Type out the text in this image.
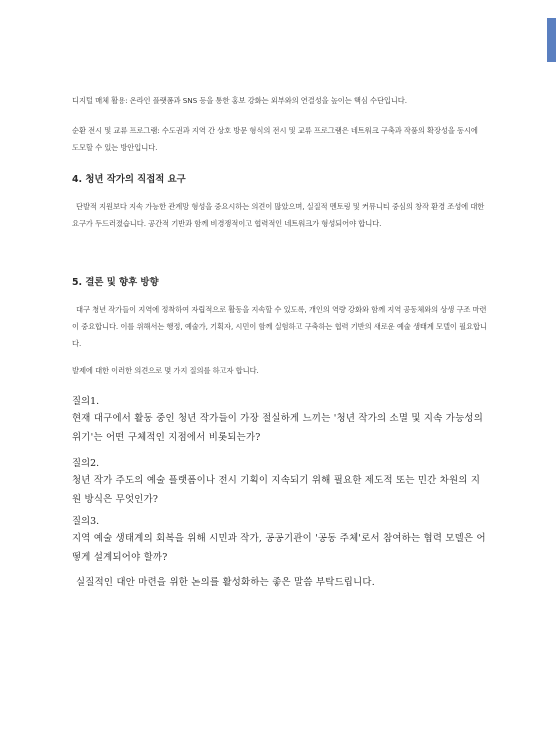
디지털 매체 활용: 온라인 플랫폼과 SNS 등을 통한 홍보 강화는 외부와의 연결성을 높이는 핵심 수단입니다.

순환 전시 및 교류 프로그램: 수도권과 지역 간 상호 방문 형식의 전시 및 교류 프로그램은 네트워크 구축과 작품의 확장성을 동시에 도모할 수 있는 방안입니다.

4. 청년 작가의 직접적 요구

단발적 지원보다 지속 가능한 관계망 형성을 중요시하는 의견이 많았으며, 실질적 멘토링 및 커뮤니티 중심의 창작 환경 조성에 대한 요구가 두드러졌습니다. 공간적 기반과 함께 비경쟁적이고 협력적인 네트워크가 형성되어야 합니다.

5. 결론 및 향후 방향

대구 청년 작가들이 지역에 정착하여 자립적으로 활동을 지속할 수 있도록, 개인의 역량 강화와 함께 지역 공동체와의 상생 구조 마련이 중요합니다. 이를 위해서는 행정, 예술가, 기획자, 시민이 함께 실험하고 구축하는 협력 기반의 새로운 예술 생태계 모델이 필요합니다.

발제에 대한 이러한 의견으로 몇 가지 질의를 하고자 합니다.

질의1.

현재 대구에서 활동 중인 청년 작가들이 가장 절실하게 느끼는 '청년 작가의 소멸 및 지속 가능성의 위기'는 어떤 구체적인 지점에서 비롯되는가?

질의2.

청년 작가 주도의 예술 플랫폼이나 전시 기획이 지속되기 위해 필요한 제도적 또는 민간 차원의 지원 방식은 무엇인가?

질의3.

지역 예술 생태계의 회복을 위해 시민과 작가, 공공기관이 '공동 주체'로서 참여하는 협력 모델은 어떻게 설계되어야 할까?

실질적인 대안 마련을 위한 논의를 활성화하는 좋은 말씀 부탁드립니다.
